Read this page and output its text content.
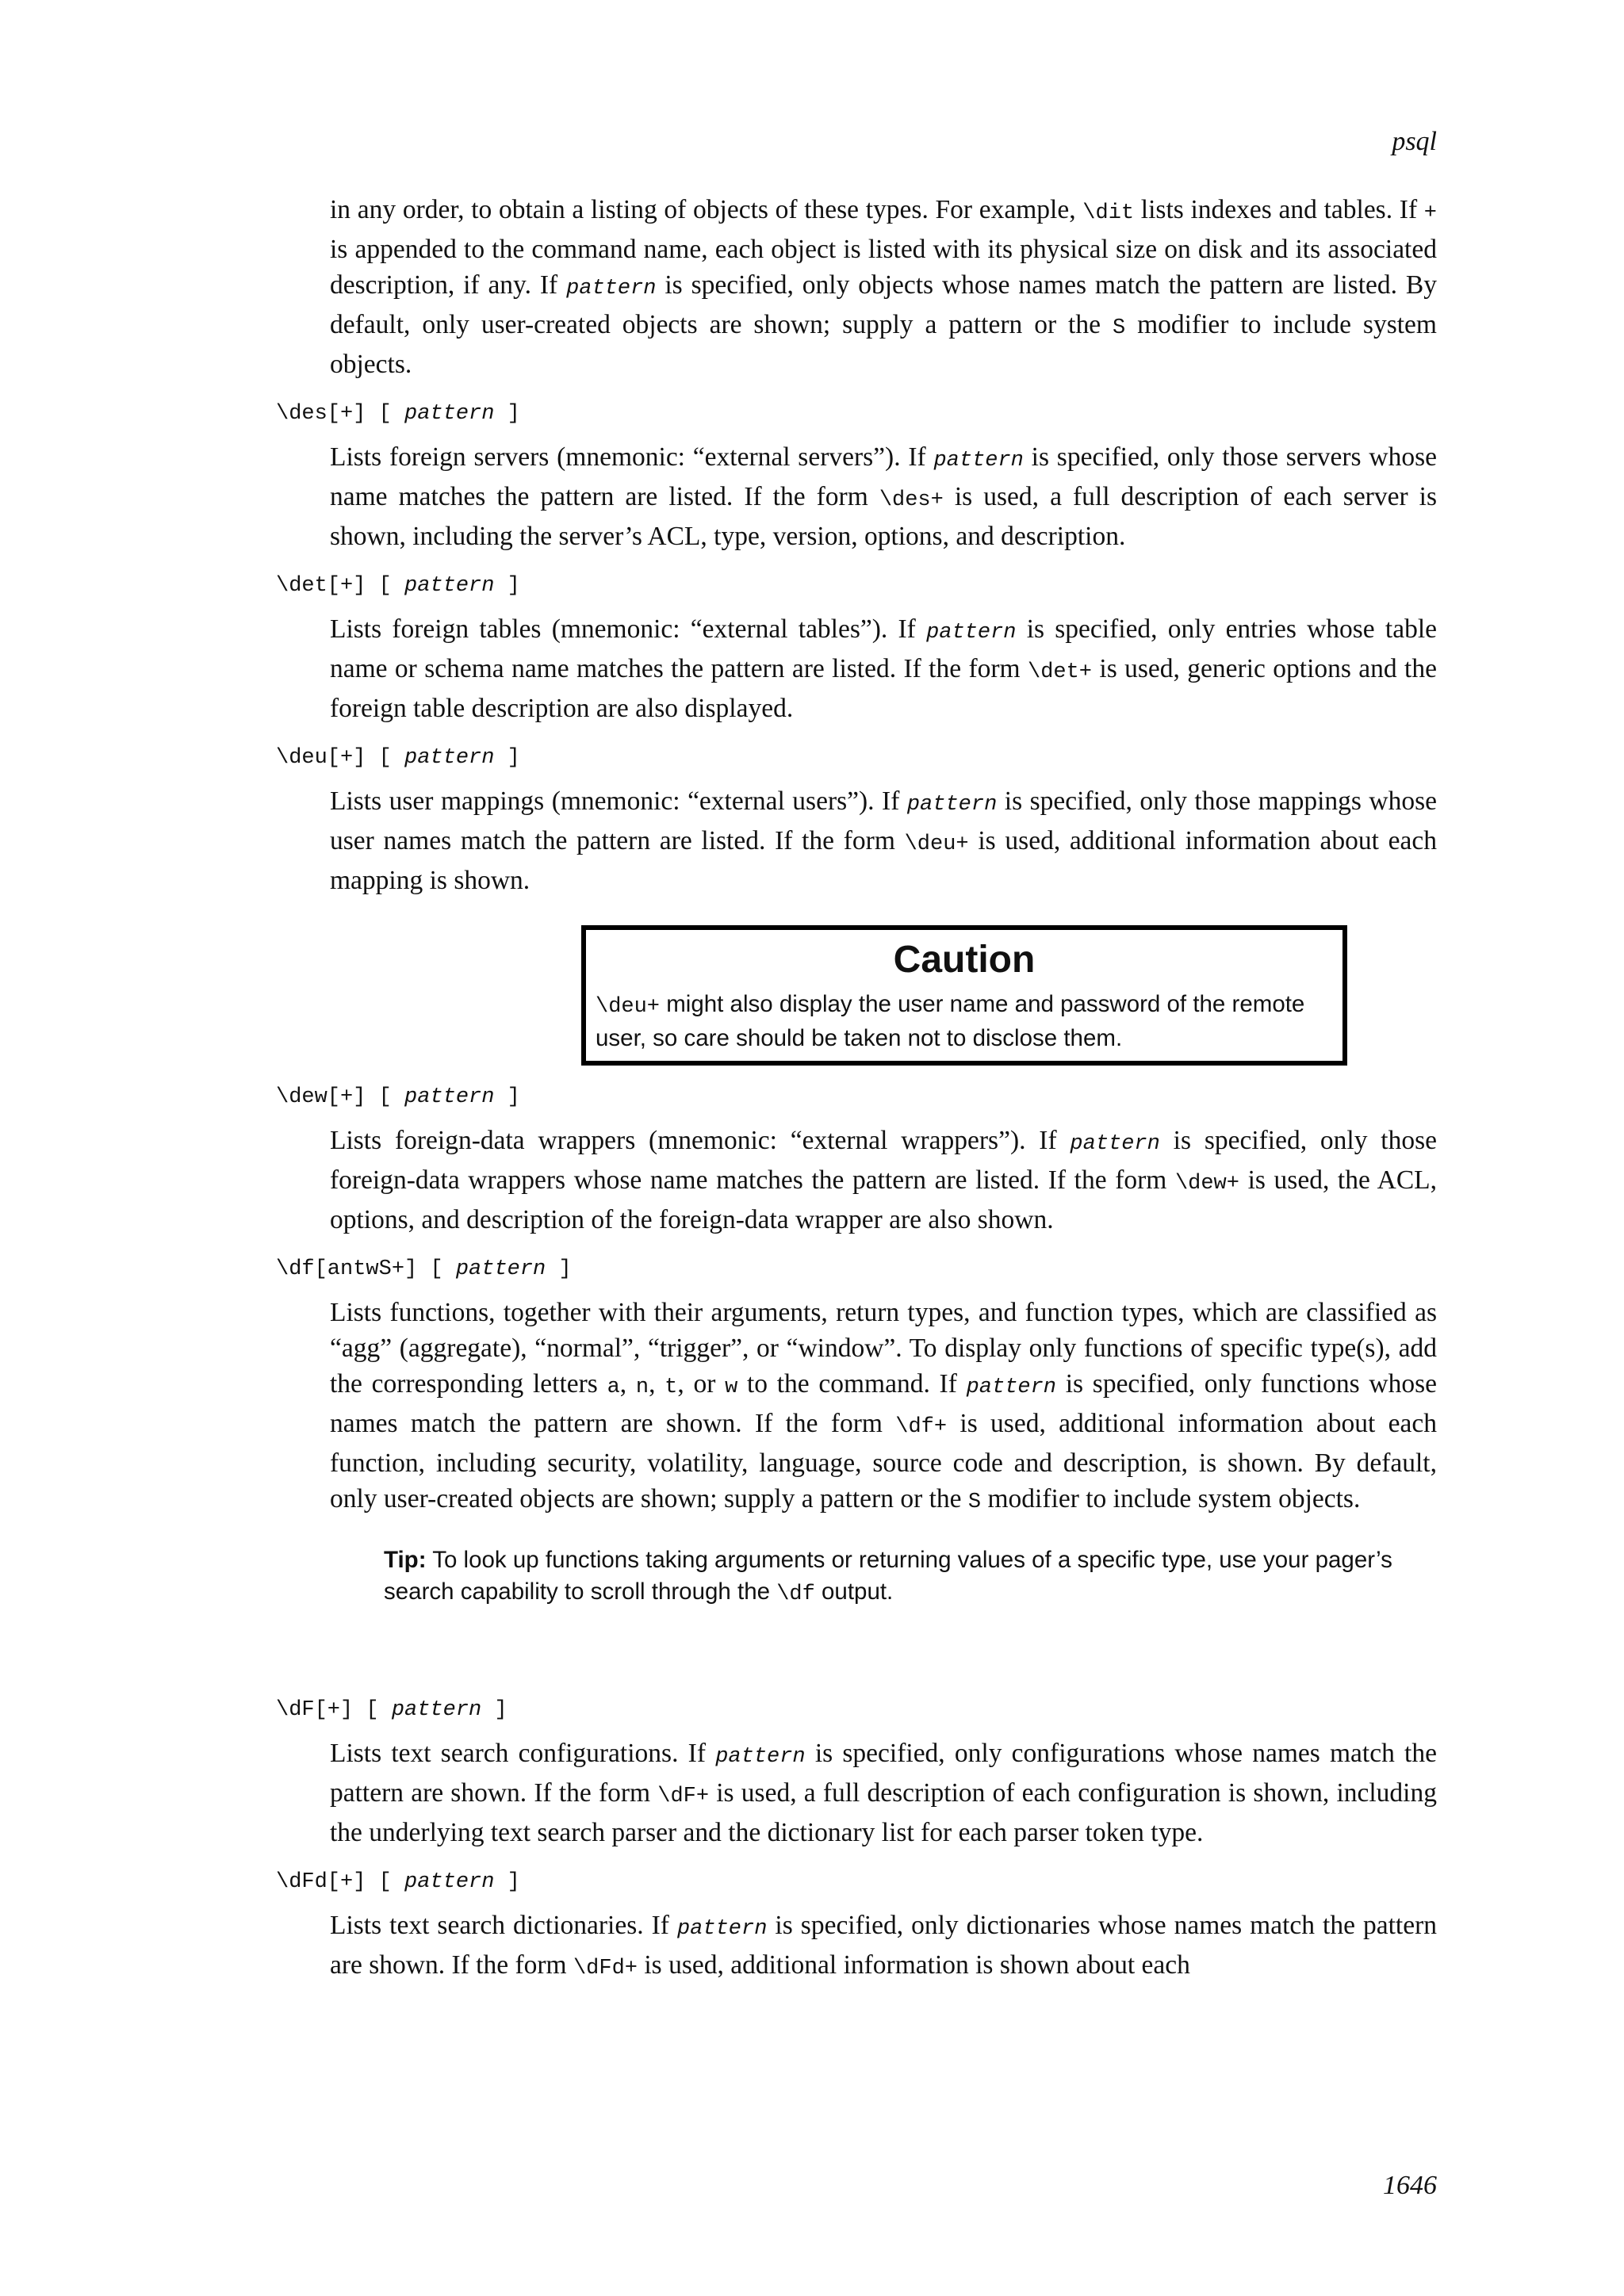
psql

in any order, to obtain a listing of objects of these types. For example, \dit lists indexes and tables. If + is appended to the command name, each object is listed with its physical size on disk and its associated description, if any. If pattern is specified, only objects whose names match the pattern are listed. By default, only user-created objects are shown; supply a pattern or the S modifier to include system objects.

\des[+] [ pattern ]

Lists foreign servers (mnemonic: “external servers”). If pattern is specified, only those servers whose name matches the pattern are listed. If the form \des+ is used, a full description of each server is shown, including the server’s ACL, type, version, options, and description.

\det[+] [ pattern ]

Lists foreign tables (mnemonic: “external tables”). If pattern is specified, only entries whose table name or schema name matches the pattern are listed. If the form \det+ is used, generic options and the foreign table description are also displayed.

\deu[+] [ pattern ]

Lists user mappings (mnemonic: “external users”). If pattern is specified, only those mappings whose user names match the pattern are listed. If the form \deu+ is used, additional information about each mapping is shown.

Caution

\deu+ might also display the user name and password of the remote user, so care should be taken not to disclose them.

\dew[+] [ pattern ]

Lists foreign-data wrappers (mnemonic: “external wrappers”). If pattern is specified, only those foreign-data wrappers whose name matches the pattern are listed. If the form \dew+ is used, the ACL, options, and description of the foreign-data wrapper are also shown.

\df[antwS+] [ pattern ]

Lists functions, together with their arguments, return types, and function types, which are classified as “agg” (aggregate), “normal”, “trigger”, or “window”. To display only functions of specific type(s), add the corresponding letters a, n, t, or w to the command. If pattern is specified, only functions whose names match the pattern are shown. If the form \df+ is used, additional information about each function, including security, volatility, language, source code and description, is shown. By default, only user-created objects are shown; supply a pattern or the S modifier to include system objects.

Tip: To look up functions taking arguments or returning values of a specific type, use your pager’s search capability to scroll through the \df output.
\dF[+] [ pattern ]

Lists text search configurations. If pattern is specified, only configurations whose names match the pattern are shown. If the form \dF+ is used, a full description of each configuration is shown, including the underlying text search parser and the dictionary list for each parser token type.

\dFd[+] [ pattern ]

Lists text search dictionaries. If pattern is specified, only dictionaries whose names match the pattern are shown. If the form \dFd+ is used, additional information is shown about each

1646
